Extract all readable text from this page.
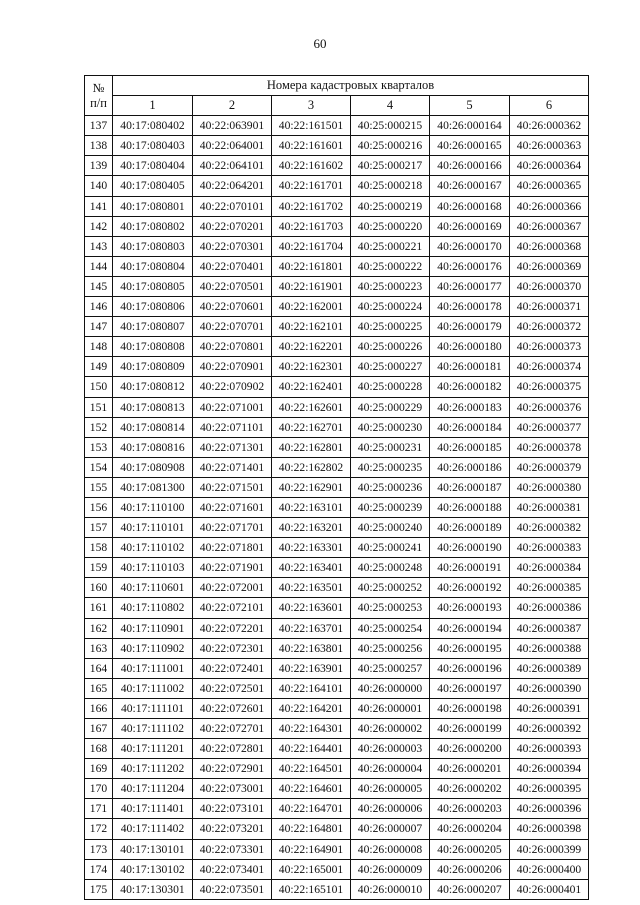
60
№
п/п	Номера кадастровых кварталов					
	1	2	3	4	5	6
137	40:17:080402	40:22:063901	40:22:161501	40:25:000215	40:26:000164	40:26:000362
138	40:17:080403	40:22:064001	40:22:161601	40:25:000216	40:26:000165	40:26:000363
139	40:17:080404	40:22:064101	40:22:161602	40:25:000217	40:26:000166	40:26:000364
140	40:17:080405	40:22:064201	40:22:161701	40:25:000218	40:26:000167	40:26:000365
141	40:17:080801	40:22:070101	40:22:161702	40:25:000219	40:26:000168	40:26:000366
142	40:17:080802	40:22:070201	40:22:161703	40:25:000220	40:26:000169	40:26:000367
143	40:17:080803	40:22:070301	40:22:161704	40:25:000221	40:26:000170	40:26:000368
144	40:17:080804	40:22:070401	40:22:161801	40:25:000222	40:26:000176	40:26:000369
145	40:17:080805	40:22:070501	40:22:161901	40:25:000223	40:26:000177	40:26:000370
146	40:17:080806	40:22:070601	40:22:162001	40:25:000224	40:26:000178	40:26:000371
147	40:17:080807	40:22:070701	40:22:162101	40:25:000225	40:26:000179	40:26:000372
148	40:17:080808	40:22:070801	40:22:162201	40:25:000226	40:26:000180	40:26:000373
149	40:17:080809	40:22:070901	40:22:162301	40:25:000227	40:26:000181	40:26:000374
150	40:17:080812	40:22:070902	40:22:162401	40:25:000228	40:26:000182	40:26:000375
151	40:17:080813	40:22:071001	40:22:162601	40:25:000229	40:26:000183	40:26:000376
152	40:17:080814	40:22:071101	40:22:162701	40:25:000230	40:26:000184	40:26:000377
153	40:17:080816	40:22:071301	40:22:162801	40:25:000231	40:26:000185	40:26:000378
154	40:17:080908	40:22:071401	40:22:162802	40:25:000235	40:26:000186	40:26:000379
155	40:17:081300	40:22:071501	40:22:162901	40:25:000236	40:26:000187	40:26:000380
156	40:17:110100	40:22:071601	40:22:163101	40:25:000239	40:26:000188	40:26:000381
157	40:17:110101	40:22:071701	40:22:163201	40:25:000240	40:26:000189	40:26:000382
158	40:17:110102	40:22:071801	40:22:163301	40:25:000241	40:26:000190	40:26:000383
159	40:17:110103	40:22:071901	40:22:163401	40:25:000248	40:26:000191	40:26:000384
160	40:17:110601	40:22:072001	40:22:163501	40:25:000252	40:26:000192	40:26:000385
161	40:17:110802	40:22:072101	40:22:163601	40:25:000253	40:26:000193	40:26:000386
162	40:17:110901	40:22:072201	40:22:163701	40:25:000254	40:26:000194	40:26:000387
163	40:17:110902	40:22:072301	40:22:163801	40:25:000256	40:26:000195	40:26:000388
164	40:17:111001	40:22:072401	40:22:163901	40:25:000257	40:26:000196	40:26:000389
165	40:17:111002	40:22:072501	40:22:164101	40:26:000000	40:26:000197	40:26:000390
166	40:17:111101	40:22:072601	40:22:164201	40:26:000001	40:26:000198	40:26:000391
167	40:17:111102	40:22:072701	40:22:164301	40:26:000002	40:26:000199	40:26:000392
168	40:17:111201	40:22:072801	40:22:164401	40:26:000003	40:26:000200	40:26:000393
169	40:17:111202	40:22:072901	40:22:164501	40:26:000004	40:26:000201	40:26:000394
170	40:17:111204	40:22:073001	40:22:164601	40:26:000005	40:26:000202	40:26:000395
171	40:17:111401	40:22:073101	40:22:164701	40:26:000006	40:26:000203	40:26:000396
172	40:17:111402	40:22:073201	40:22:164801	40:26:000007	40:26:000204	40:26:000398
173	40:17:130101	40:22:073301	40:22:164901	40:26:000008	40:26:000205	40:26:000399
174	40:17:130102	40:22:073401	40:22:165001	40:26:000009	40:26:000206	40:26:000400
175	40:17:130301	40:22:073501	40:22:165101	40:26:000010	40:26:000207	40:26:000401
